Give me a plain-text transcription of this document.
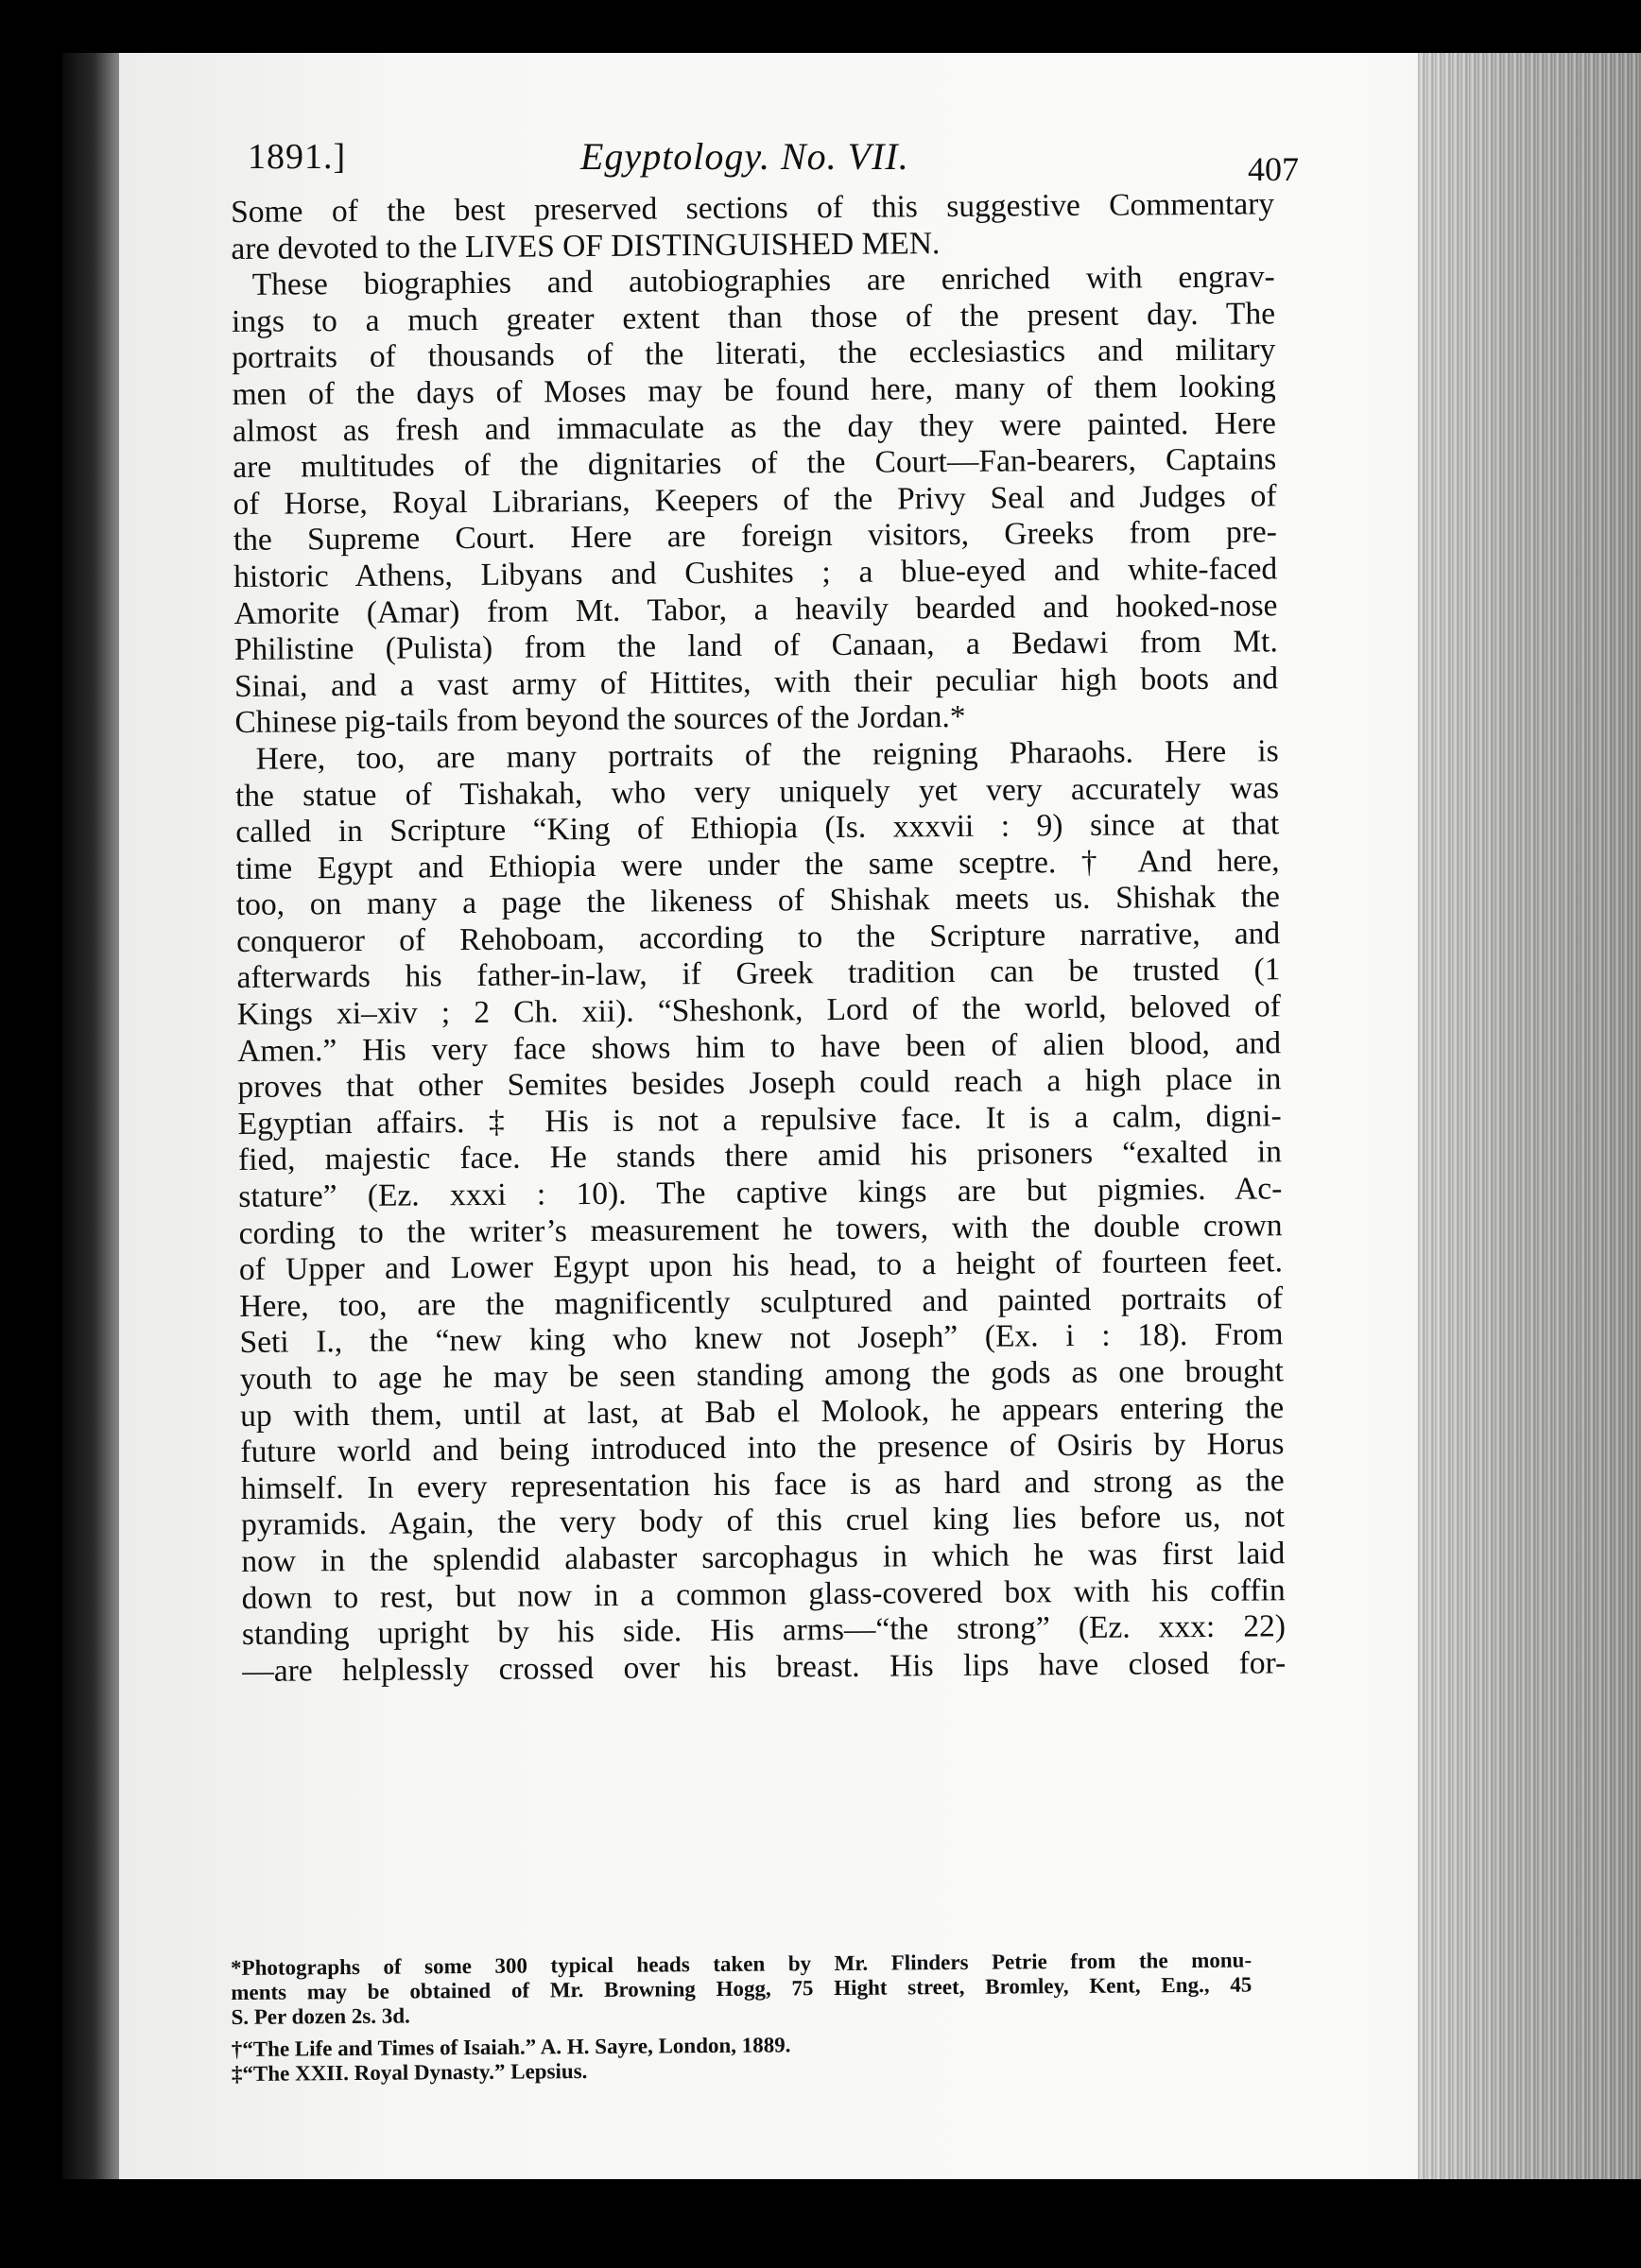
1891.]	Egyptology. No. VII.	407
Some of the best preserved sections of this suggestive Commentary
are devoted to the LIVES OF DISTINGUISHED MEN.
These biographies and autobiographies are enriched with engrav-
ings to a much greater extent than those of the present day. The
portraits of thousands of the literati, the ecclesiastics and military
men of the days of Moses may be found here, many of them looking
almost as fresh and immaculate as the day they were painted. Here
are multitudes of the dignitaries of the Court—Fan-bearers, Captains
of Horse, Royal Librarians, Keepers of the Privy Seal and Judges of
the Supreme Court. Here are foreign visitors, Greeks from pre-
historic Athens, Libyans and Cushites ; a blue-eyed and white-faced
Amorite (Amar) from Mt. Tabor, a heavily bearded and hooked-nose
Philistine (Pulista) from the land of Canaan, a Bedawi from Mt.
Sinai, and a vast army of Hittites, with their peculiar high boots and
Chinese pig-tails from beyond the sources of the Jordan.*
Here, too, are many portraits of the reigning Pharaohs. Here is
the statue of Tishakah, who very uniquely yet very accurately was
called in Scripture “King of Ethiopia (Is. xxxvii : 9) since at that
time Egypt and Ethiopia were under the same sceptre. † And here,
too, on many a page the likeness of Shishak meets us. Shishak the
conqueror of Rehoboam, according to the Scripture narrative, and
afterwards his father-in-law, if Greek tradition can be trusted (1
Kings xi–xiv ; 2 Ch. xii). “Sheshonk, Lord of the world, beloved of
Amen.” His very face shows him to have been of alien blood, and
proves that other Semites besides Joseph could reach a high place in
Egyptian affairs. ‡ His is not a repulsive face. It is a calm, digni-
fied, majestic face. He stands there amid his prisoners “exalted in
stature” (Ez. xxxi : 10). The captive kings are but pigmies. Ac-
cording to the writer’s measurement he towers, with the double crown
of Upper and Lower Egypt upon his head, to a height of fourteen feet.
Here, too, are the magnificently sculptured and painted portraits of
Seti I., the “new king who knew not Joseph” (Ex. i : 18). From
youth to age he may be seen standing among the gods as one brought
up with them, until at last, at Bab el Molook, he appears entering the
future world and being introduced into the presence of Osiris by Horus
himself. In every representation his face is as hard and strong as the
pyramids. Again, the very body of this cruel king lies before us, not
now in the splendid alabaster sarcophagus in which he was first laid
down to rest, but now in a common glass-covered box with his coffin
standing upright by his side. His arms—“the strong” (Ez. xxx: 22)
—are helplessly crossed over his breast. His lips have closed for-
*Photographs of some 300 typical heads taken by Mr. Flinders Petrie from the monu-
ments may be obtained of Mr. Browning Hogg, 75 Hight street, Bromley, Kent, Eng., 45
S. Per dozen 2s. 3d.
†“The Life and Times of Isaiah.” A. H. Sayre, London, 1889.
‡“The XXII. Royal Dynasty.” Lepsius.
